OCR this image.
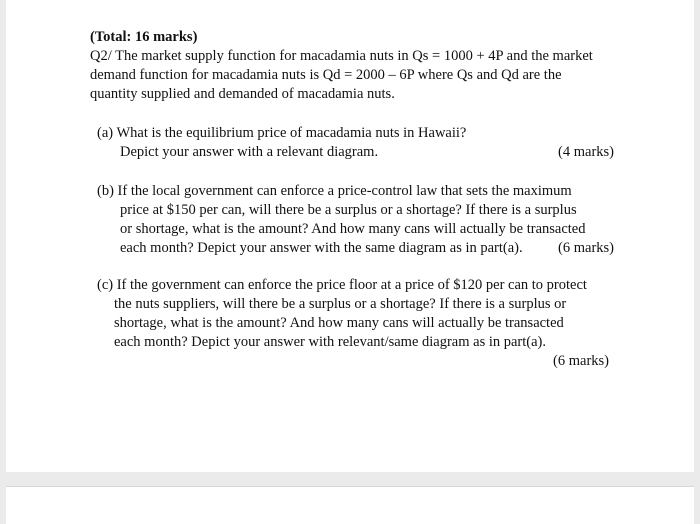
(Total: 16 marks)
Q2/ The market supply function for macadamia nuts in Qs = 1000 + 4P and the market
demand function for macadamia nuts is Qd = 2000 – 6P where Qs and Qd are the
quantity supplied and demanded of macadamia nuts.
(a) What is the equilibrium price of macadamia nuts in Hawaii?
Depict your answer with a relevant diagram.	(4 marks)
(b) If the local government can enforce a price-control law that sets the maximum
price at $150 per can, will there be a surplus or a shortage? If there is a surplus
or shortage, what is the amount? And how many cans will actually be transacted
each month? Depict your answer with the same diagram as in part(a). (6 marks)
(c) If the government can enforce the price floor at a price of $120 per can to protect
the nuts suppliers, will there be a surplus or a shortage? If there is a surplus or
shortage, what is the amount? And how many cans will actually be transacted
each month? Depict your answer with relevant/same diagram as in part(a).
(6 marks)
